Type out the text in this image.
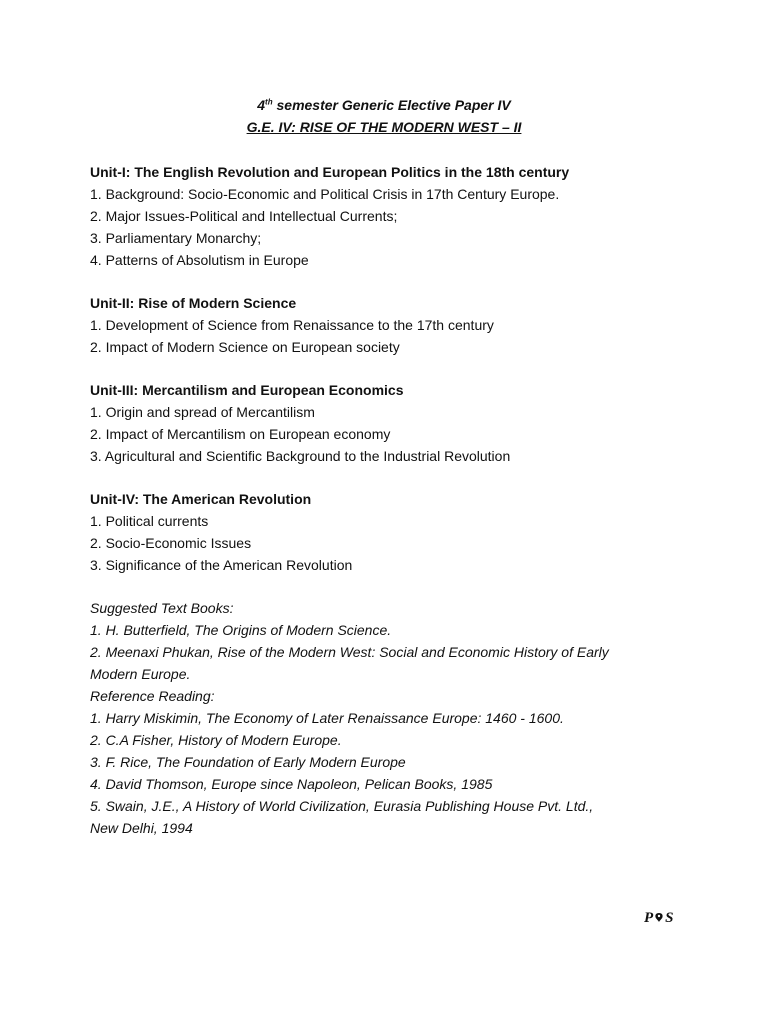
4th semester Generic Elective Paper IV
G.E. IV: RISE OF THE MODERN WEST – II
Unit-I: The English Revolution and European Politics in the 18th century
1. Background: Socio-Economic and Political Crisis in 17th Century Europe.
2. Major Issues-Political and Intellectual Currents;
3. Parliamentary Monarchy;
4. Patterns of Absolutism in Europe
Unit-II: Rise of Modern Science
1. Development of Science from Renaissance to the 17th century
2. Impact of Modern Science on European society
Unit-III: Mercantilism and European Economics
1. Origin and spread of Mercantilism
2. Impact of Mercantilism on European economy
3. Agricultural and Scientific Background to the Industrial Revolution
Unit-IV: The American Revolution
1. Political currents
2. Socio-Economic Issues
3. Significance of the American Revolution
Suggested Text Books:
1. H. Butterfield, The Origins of Modern Science.
2. Meenaxi Phukan, Rise of the Modern West: Social and Economic History of Early
Modern Europe.
Reference Reading:
1. Harry Miskimin, The Economy of Later Renaissance Europe: 1460 - 1600.
2. C.A Fisher, History of Modern Europe.
3. F. Rice, The Foundation of Early Modern Europe
4. David Thomson, Europe since Napoleon, Pelican Books, 1985
5. Swain, J.E., A History of World Civilization, Eurasia Publishing House Pvt. Ltd.,
New Delhi, 1994
P S
